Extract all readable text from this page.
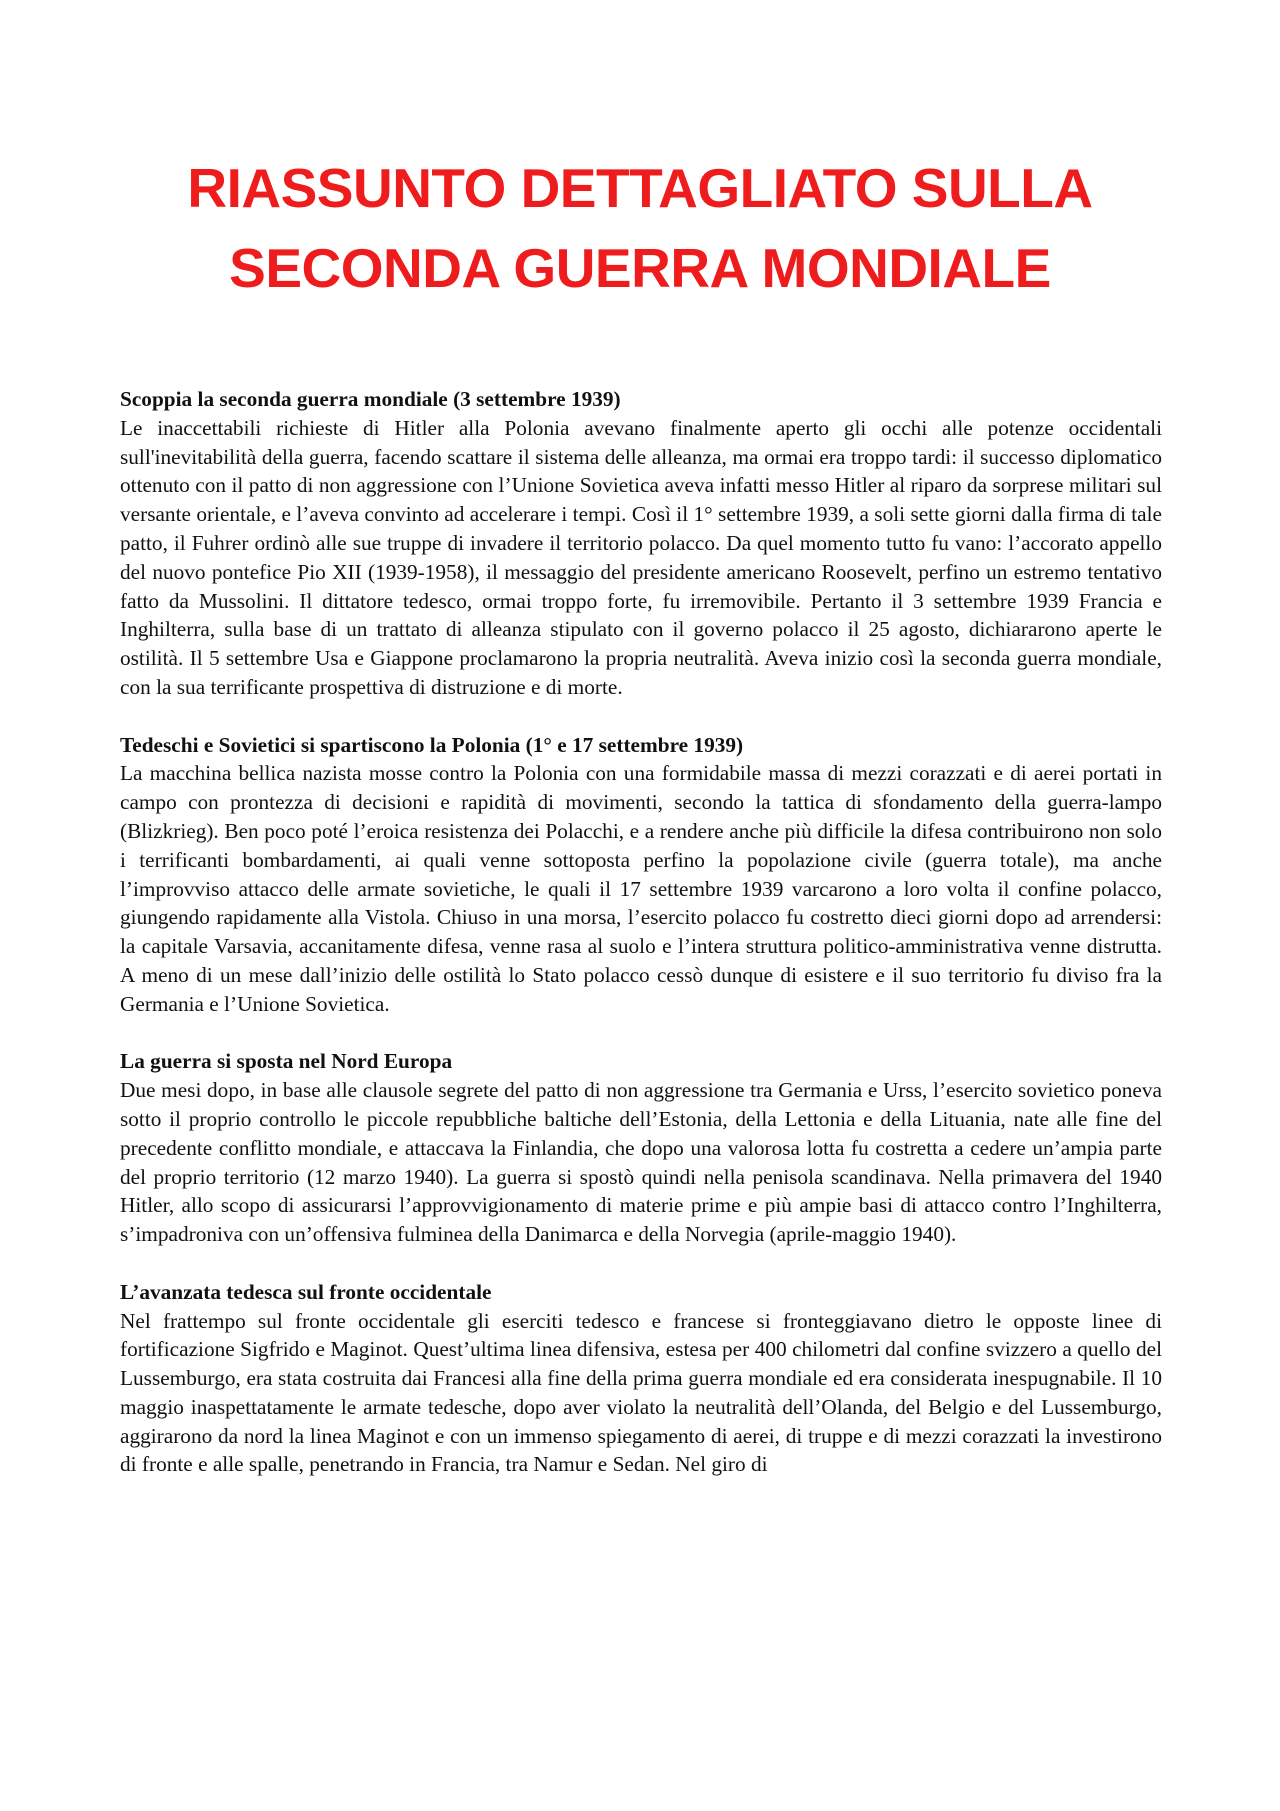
RIASSUNTO DETTAGLIATO SULLA
SECONDA GUERRA MONDIALE

Scoppia la seconda guerra mondiale (3 settembre 1939)

Le inaccettabili richieste di Hitler alla Polonia avevano finalmente aperto gli occhi alle potenze occidentali sull'inevitabilità della guerra, facendo scattare il sistema delle alleanza, ma ormai era troppo tardi: il successo diplomatico ottenuto con il patto di non aggressione con l’Unione Sovietica aveva infatti messo Hitler al riparo da sorprese militari sul versante orientale, e l’aveva convinto ad accelerare i tempi. Così il 1° settembre 1939, a soli sette giorni dalla firma di tale patto, il Fuhrer ordinò alle sue truppe di invadere il territorio polacco. Da quel momento tutto fu vano: l’accorato appello del nuovo pontefice Pio XII (1939-1958), il messaggio del presidente americano Roosevelt, perfino un estremo tentativo fatto da Mussolini. Il dittatore tedesco, ormai troppo forte, fu irremovibile. Pertanto il 3 settembre 1939 Francia e Inghilterra, sulla base di un trattato di alleanza stipulato con il governo polacco il 25 agosto, dichiararono aperte le ostilità. Il 5 settembre Usa e Giappone proclamarono la propria neutralità. Aveva inizio così la seconda guerra mondiale, con la sua terrificante prospettiva di distruzione e di morte.

Tedeschi e Sovietici si spartiscono la Polonia (1° e 17 settembre 1939)

La macchina bellica nazista mosse contro la Polonia con una formidabile massa di mezzi corazzati e di aerei portati in campo con prontezza di decisioni e rapidità di movimenti, secondo la tattica di sfondamento della guerra-lampo (Blizkrieg). Ben poco poté l’eroica resistenza dei Polacchi, e a rendere anche più difficile la difesa contribuirono non solo i terrificanti bombardamenti, ai quali venne sottoposta perfino la popolazione civile (guerra totale), ma anche l’improvviso attacco delle armate sovietiche, le quali il 17 settembre 1939 varcarono a loro volta il confine polacco, giungendo rapidamente alla Vistola. Chiuso in una morsa, l’esercito polacco fu costretto dieci giorni dopo ad arrendersi: la capitale Varsavia, accanitamente difesa, venne rasa al suolo e l’intera struttura politico-amministrativa venne distrutta. A meno di un mese dall’inizio delle ostilità lo Stato polacco cessò dunque di esistere e il suo territorio fu diviso fra la Germania e l’Unione Sovietica.

La guerra si sposta nel Nord Europa

Due mesi dopo, in base alle clausole segrete del patto di non aggressione tra Germania e Urss, l’esercito sovietico poneva sotto il proprio controllo le piccole repubbliche baltiche dell’Estonia, della Lettonia e della Lituania, nate alle fine del precedente conflitto mondiale, e attaccava la Finlandia, che dopo una valorosa lotta fu costretta a cedere un’ampia parte del proprio territorio (12 marzo 1940). La guerra si spostò quindi nella penisola scandinava. Nella primavera del 1940 Hitler, allo scopo di assicurarsi l’approvvigionamento di materie prime e più ampie basi di attacco contro l’Inghilterra, s’impadroniva con un’offensiva fulminea della Danimarca e della Norvegia (aprile-maggio 1940).

L’avanzata tedesca sul fronte occidentale

Nel frattempo sul fronte occidentale gli eserciti tedesco e francese si fronteggiavano dietro le opposte linee di fortificazione Sigfrido e Maginot. Quest’ultima linea difensiva, estesa per 400 chilometri dal confine svizzero a quello del Lussemburgo, era stata costruita dai Francesi alla fine della prima guerra mondiale ed era considerata inespugnabile. Il 10 maggio inaspettatamente le armate tedesche, dopo aver violato la neutralità dell’Olanda, del Belgio e del Lussemburgo, aggirarono da nord la linea Maginot e con un immenso spiegamento di aerei, di truppe e di mezzi corazzati la investirono di fronte e alle spalle, penetrando in Francia, tra Namur e Sedan. Nel giro di
